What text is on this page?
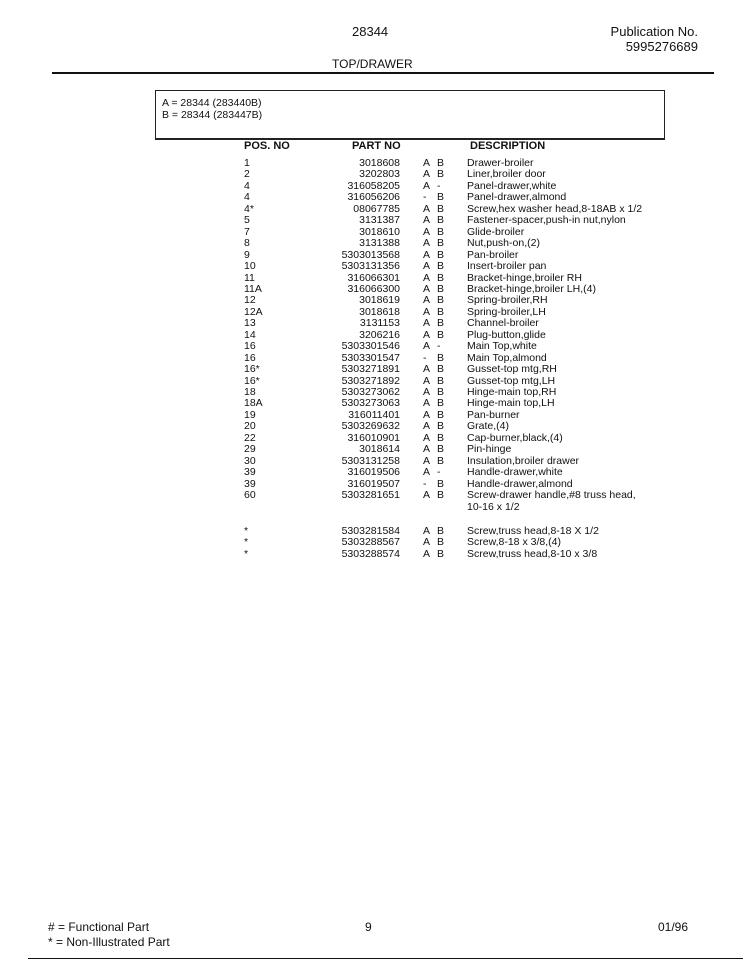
28344	Publication No.
5995276689
TOP/DRAWER
A = 28344 (283440B)
B = 28344 (283447B)
POS. NO	PART NO	DESCRIPTION
1	3018608 A B Drawer-broiler
2	3202803 A B Liner,broiler door
4	316058205 A -	Panel-drawer,white
4	316056206 - B Panel-drawer,almond
4*	08067785 A B Screw,hex washer head,8-18AB x 1/2
5	3131387 A B Fastener-spacer,push-in nut,nylon
7	3018610 A B Glide-broiler
8	3131388 A B Nut,push-on,(2)
9	5303013568 A B Pan-broiler
10	5303131356 A B Insert-broiler pan
11	316066301 A B Bracket-hinge,broiler RH
11A	316066300 A B Bracket-hinge,broiler LH,(4)
12	3018619 A B Spring-broiler,RH
12A	3018618 A B Spring-broiler,LH
13	3131153 A B Channel-broiler
14	3206216 A B Plug-button,glide
16	5303301546 A -	Main Top,white
16	5303301547 - B Main Top,almond
16*	5303271891 A B Gusset-top mtg,RH
16*	5303271892 A B Gusset-top mtg,LH
18	5303273062 A B Hinge-main top,RH
18A	5303273063 A B Hinge-main top,LH
19	316011401 A B Pan-burner
20	5303269632 A B Grate,(4)
22	316010901 A B Cap-burner,black,(4)
29	3018614 A B Pin-hinge
30	5303131258 A B Insulation,broiler drawer
39	316019506 A -	Handle-drawer,white
39	316019507 - B Handle-drawer,almond
60	5303281651 A B Screw-drawer handle,#8 truss head,
10-16 x 1/2
*	5303281584 A B Screw,truss head,8-18 X 1/2
*	5303288567 A B Screw,8-18 x 3/8,(4)
*	5303288574 A B Screw,truss head,8-10 x 3/8
# = Functional Part
* = Non-Illustrated Part
9	01/96
